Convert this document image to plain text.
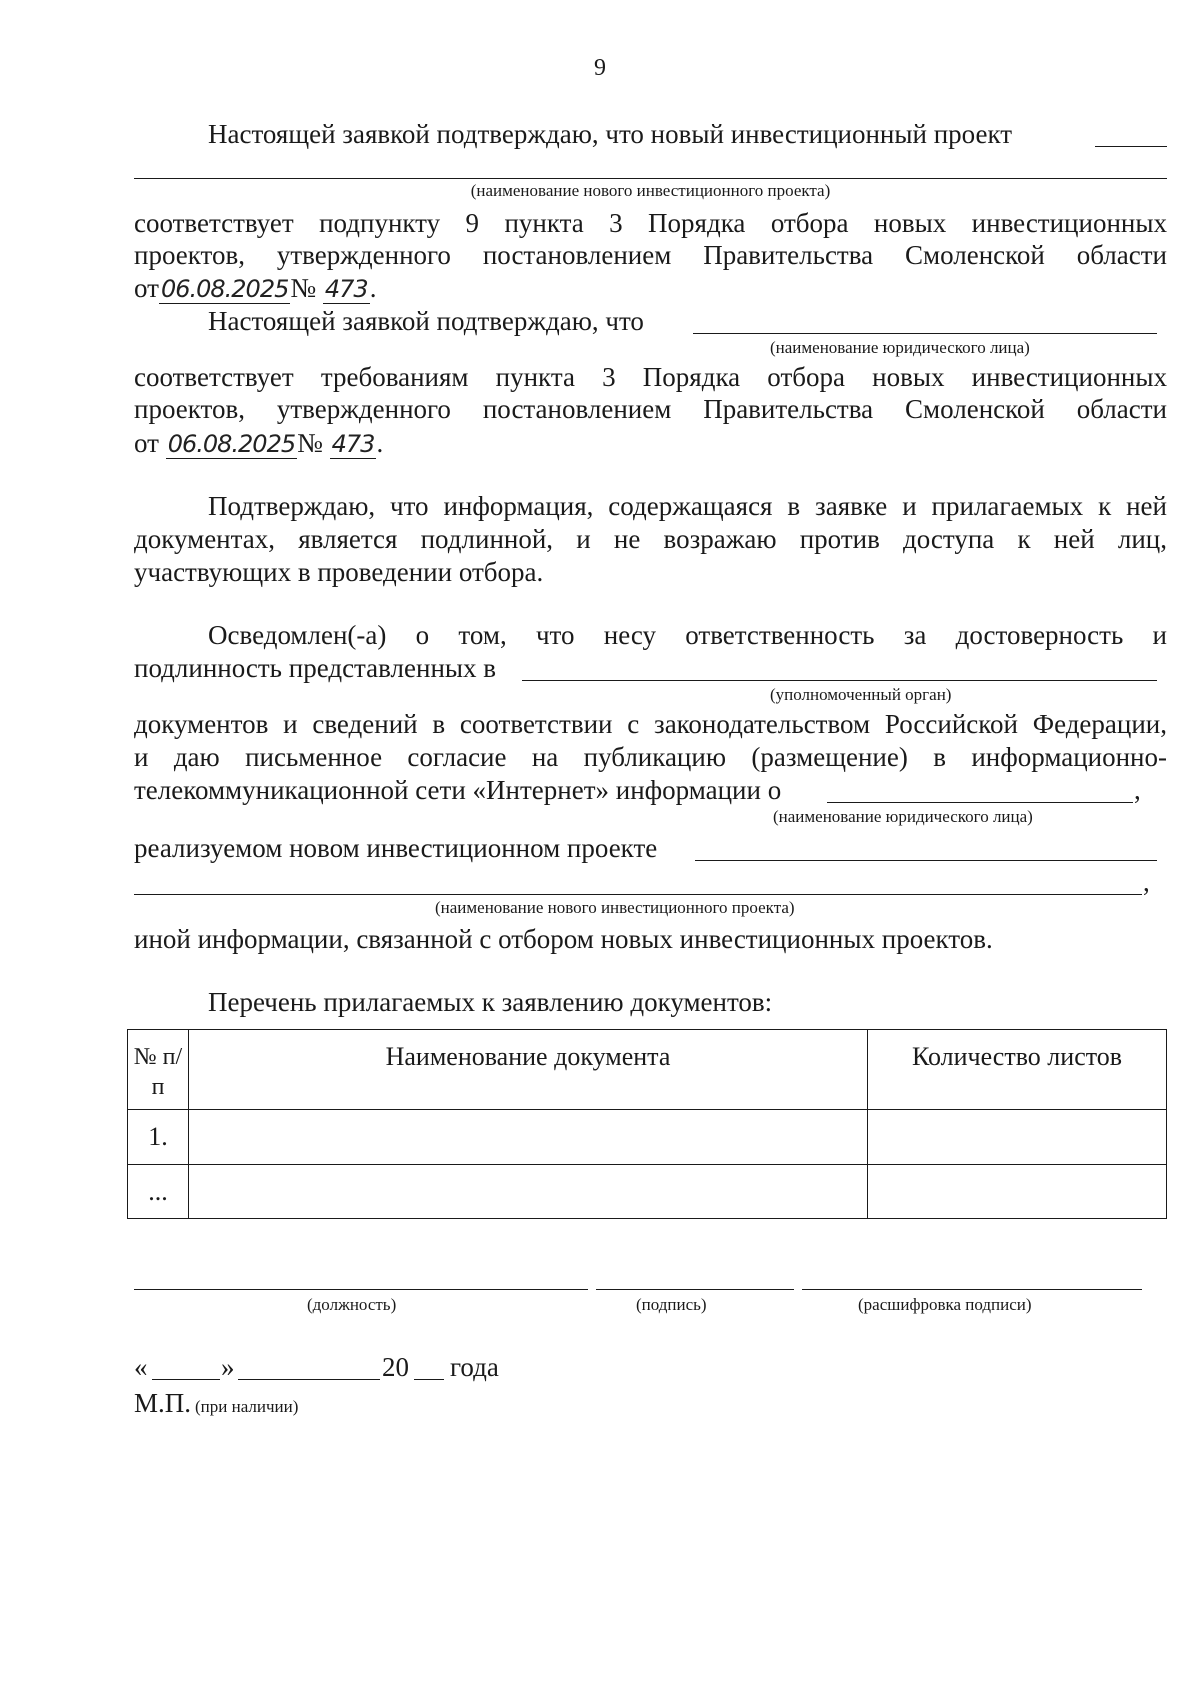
9
Настоящей заявкой подтверждаю, что новый инвестиционный проект
(наименование нового инвестиционного проекта)
соответствует подпункту 9 пункта 3 Порядка отбора новых инвестиционных
проектов, утвержденного постановлением Правительства Смоленской области
от06.08.2025№ 473.
Настоящей заявкой подтверждаю, что
(наименование юридического лица)
соответствует требованиям пункта 3 Порядка отбора новых инвестиционных
проектов, утвержденного постановлением Правительства Смоленской области
от 06.08.2025№ 473.
Подтверждаю, что информация, содержащаяся в заявке и прилагаемых к ней
документах, является подлинной, и не возражаю против доступа к ней лиц,
участвующих в проведении отбора.
Осведомлен(-а) о том, что несу ответственность за достоверность и
подлинность представленных в
(уполномоченный орган)
документов и сведений в соответствии с законодательством Российской Федерации,
и даю письменное согласие на публикацию (размещение) в информационно-
телекоммуникационной сети «Интернет» информации о	,
(наименование юридического лица)
реализуемом новом инвестиционном проекте
,
(наименование нового инвестиционного проекта)
иной информации, связанной с отбором новых инвестиционных проектов.
Перечень прилагаемых к заявлению документов:
№ п/п	Наименование документа	Количество листов
1.		
...		
(должность)	(подпись)	(расшифровка подписи)
«	»	20 года
М.П. (при наличии)
